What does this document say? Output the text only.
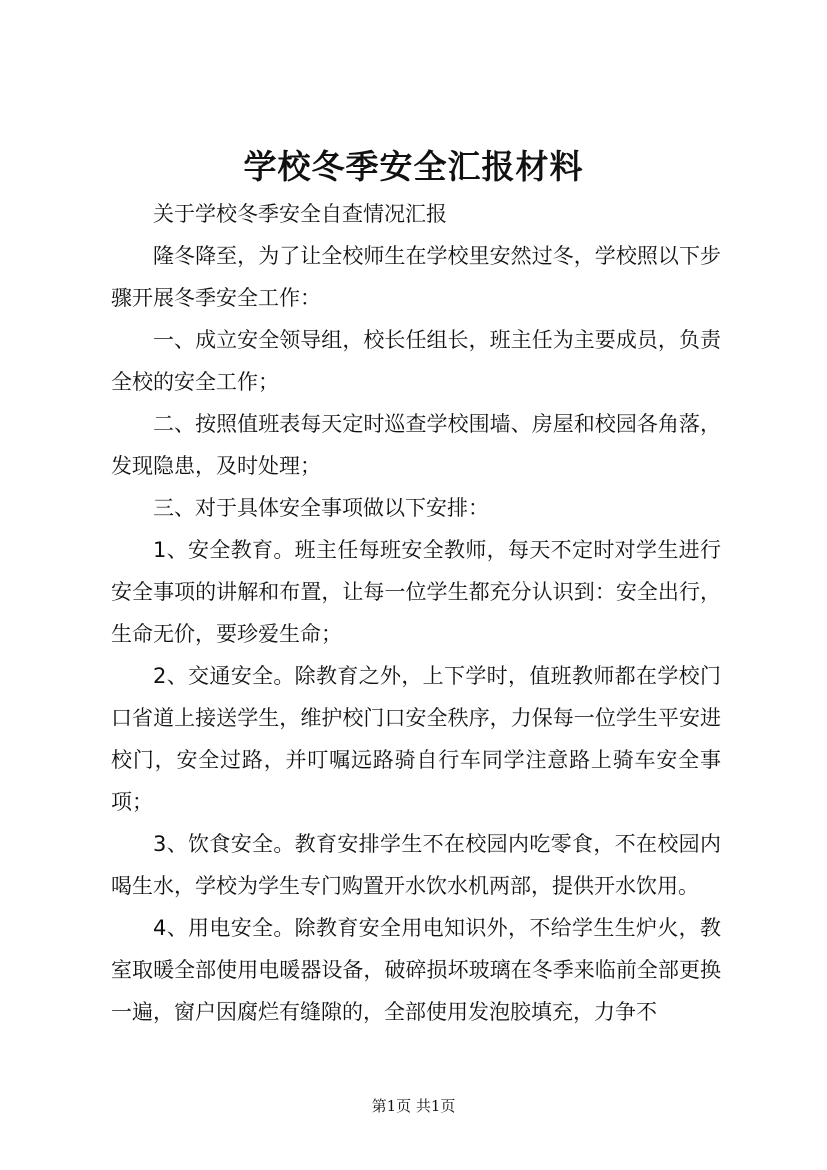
学校冬季安全汇报材料

关于学校冬季安全自查情况汇报

隆冬降至，为了让全校师生在学校里安然过冬，学校照以下步骤开展冬季安全工作：

一、成立安全领导组，校长任组长，班主任为主要成员，负责全校的安全工作；

二、按照值班表每天定时巡查学校围墙、房屋和校园各角落，发现隐患，及时处理；

三、对于具体安全事项做以下安排：

1、安全教育。班主任每班安全教师，每天不定时对学生进行安全事项的讲解和布置，让每一位学生都充分认识到：安全出行，生命无价，要珍爱生命；

2、交通安全。除教育之外，上下学时，值班教师都在学校门口省道上接送学生，维护校门口安全秩序，力保每一位学生平安进校门，安全过路，并叮嘱远路骑自行车同学注意路上骑车安全事项；

3、饮食安全。教育安排学生不在校园内吃零食，不在校园内喝生水，学校为学生专门购置开水饮水机两部，提供开水饮用。

4、用电安全。除教育安全用电知识外，不给学生生炉火，教室取暖全部使用电暖器设备，破碎损坏玻璃在冬季来临前全部更换一遍，窗户因腐烂有缝隙的，全部使用发泡胶填充，力争不

第1页 共1页
